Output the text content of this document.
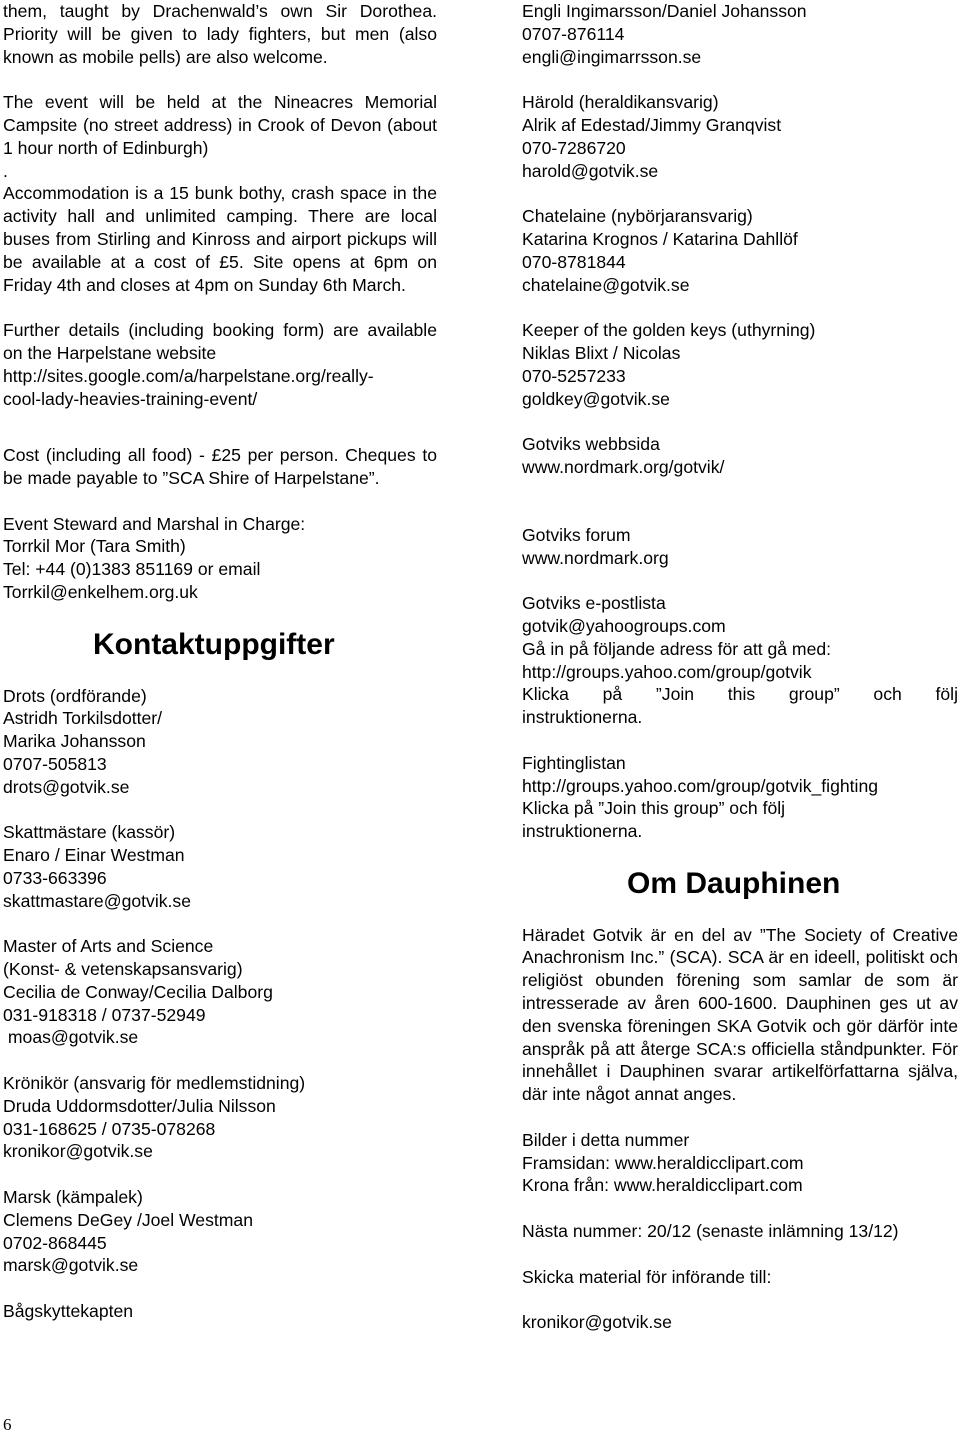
them, taught by Drachenwald’s own Sir Dorothea. Priority will be given to lady fighters, but men (also known as mobile pells) are also welcome.

The event will be held at the Nineacres Memorial Campsite (no street address) in Crook of Devon (about 1 hour north of Edinburgh)

.

Accommodation is a 15 bunk bothy, crash space in the activity hall and unlimited camping. There are local buses from Stirling and Kinross and airport pickups will be available at a cost of £5. Site opens at 6pm on Friday 4th and closes at 4pm on Sunday 6th March.

Further details (including booking form) are available on the Harpelstane website

http://sites.google.com/a/harpelstane.org/really-

cool-lady-heavies-training-event/

Cost (including all food) - £25 per person. Cheques to be made payable to ”SCA Shire of Harpelstane”.

Event Steward and Marshal in Charge:

Torrkil Mor (Tara Smith)

Tel: +44 (0)1383 851169 or email

Torrkil@enkelhem.org.uk

Kontaktuppgifter

Drots (ordförande)

Astridh Torkilsdotter/

Marika Johansson

0707-505813

drots@gotvik.se

Skattmästare (kassör)

Enaro / Einar Westman

0733-663396

skattmastare@gotvik.se

Master of Arts and Science

(Konst- & vetenskapsansvarig)

Cecilia de Conway/Cecilia Dalborg

031-918318 / 0737-52949

moas@gotvik.se

Krönikör (ansvarig för medlemstidning)

Druda Uddormsdotter/Julia Nilsson

031-168625 / 0735-078268

kronikor@gotvik.se

Marsk (kämpalek)

Clemens DeGey /Joel Westman

0702-868445

marsk@gotvik.se

Bågskyttekapten

Engli Ingimarsson/Daniel Johansson

0707-876114

engli@ingimarrsson.se

Härold (heraldikansvarig)

Alrik af Edestad/Jimmy Granqvist

070-7286720

harold@gotvik.se

Chatelaine (nybörjaransvarig)

Katarina Krognos / Katarina Dahllöf

070-8781844

chatelaine@gotvik.se

Keeper of the golden keys (uthyrning)

Niklas Blixt / Nicolas

070-5257233

goldkey@gotvik.se

Gotviks webbsida

www.nordmark.org/gotvik/

Gotviks forum

www.nordmark.org

Gotviks e-postlista

gotvik@yahoogroups.com

Gå in på följande adress för att gå med:

http://groups.yahoo.com/group/gotvik

Klicka på ”Join this group” och följ

instruktionerna.

Fightinglistan

http://groups.yahoo.com/group/gotvik_fighting

Klicka på ”Join this group” och följ

instruktionerna.

Om Dauphinen

Häradet Gotvik är en del av ”The Society of Creative Anachronism Inc.” (SCA). SCA är en ideell, politiskt och religiöst obunden förening som samlar de som är intresserade av åren 600-1600. Dauphinen ges ut av den svenska föreningen SKA Gotvik och gör därför inte anspråk på att återge SCA:s officiella ståndpunkter. För innehållet i Dauphinen svarar artikelförfattarna själva, där inte något annat anges.

Bilder i detta nummer

Framsidan: www.heraldicclipart.com

Krona från: www.heraldicclipart.com

Nästa nummer: 20/12 (senaste inlämning 13/12)

Skicka material för införande till:

kronikor@gotvik.se

6
